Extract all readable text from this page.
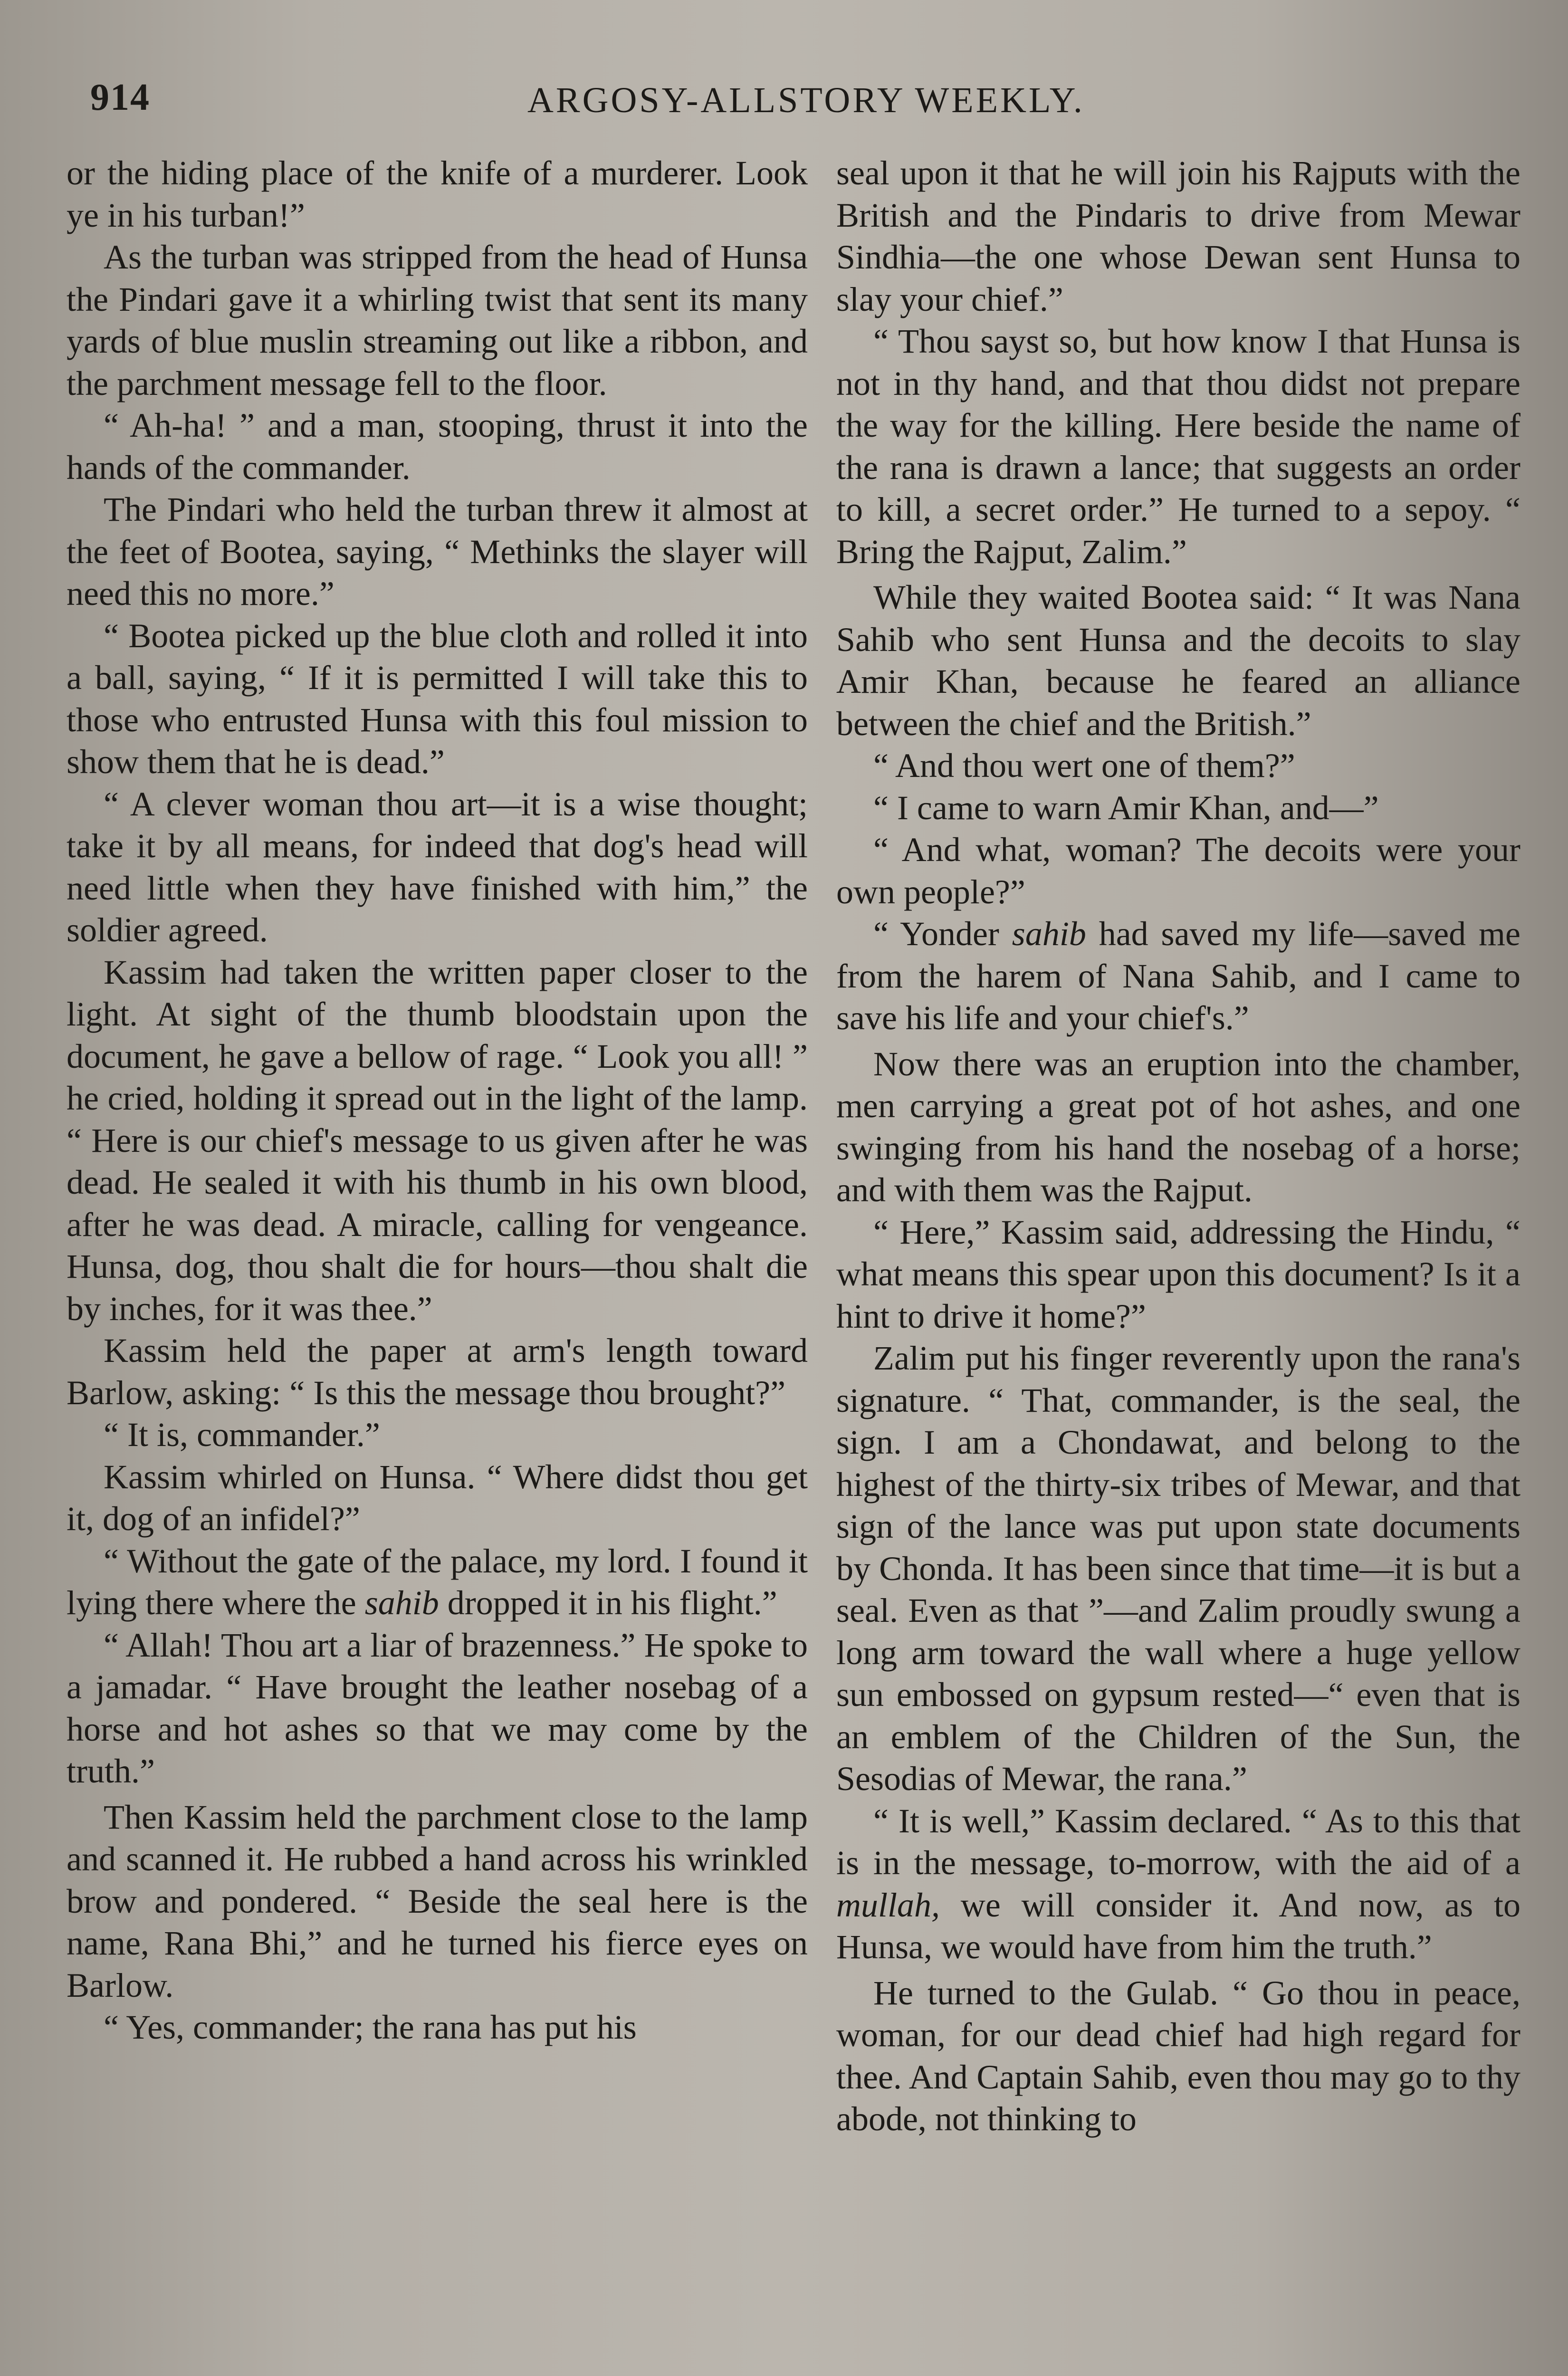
914	ARGOSY-ALLSTORY WEEKLY.

or the hiding place of the knife of a murderer. Look ye in his turban!”

As the turban was stripped from the head of Hunsa the Pindari gave it a whirling twist that sent its many yards of blue muslin streaming out like a ribbon, and the parchment message fell to the floor.

“ Ah-ha! ” and a man, stooping, thrust it into the hands of the commander.

The Pindari who held the turban threw it almost at the feet of Bootea, saying, “ Methinks the slayer will need this no more.”

“ Bootea picked up the blue cloth and rolled it into a ball, saying, “ If it is permitted I will take this to those who entrusted Hunsa with this foul mission to show them that he is dead.”

“ A clever woman thou art—it is a wise thought; take it by all means, for indeed that dog's head will need little when they have finished with him,” the soldier agreed.

Kassim had taken the written paper closer to the light. At sight of the thumb bloodstain upon the document, he gave a bellow of rage. “ Look you all! ” he cried, holding it spread out in the light of the lamp. “ Here is our chief's message to us given after he was dead. He sealed it with his thumb in his own blood, after he was dead. A miracle, calling for vengeance. Hunsa, dog, thou shalt die for hours—thou shalt die by inches, for it was thee.”

Kassim held the paper at arm's length toward Barlow, asking: “ Is this the message thou brought?”

“ It is, commander.”

Kassim whirled on Hunsa. “ Where didst thou get it, dog of an infidel?”

“ Without the gate of the palace, my lord. I found it lying there where the sahib dropped it in his flight.”

“ Allah! Thou art a liar of brazenness.” He spoke to a jamadar. “ Have brought the leather nosebag of a horse and hot ashes so that we may come by the truth.”

Then Kassim held the parchment close to the lamp and scanned it. He rubbed a hand across his wrinkled brow and pondered. “ Beside the seal here is the name, Rana Bhi,” and he turned his fierce eyes on Barlow.

“ Yes, commander; the rana has put his

seal upon it that he will join his Rajputs with the British and the Pindaris to drive from Mewar Sindhia—the one whose Dewan sent Hunsa to slay your chief.”

“ Thou sayst so, but how know I that Hunsa is not in thy hand, and that thou didst not prepare the way for the killing. Here beside the name of the rana is drawn a lance; that suggests an order to kill, a secret order.” He turned to a sepoy. “ Bring the Rajput, Zalim.”

While they waited Bootea said: “ It was Nana Sahib who sent Hunsa and the decoits to slay Amir Khan, because he feared an alliance between the chief and the British.”

“ And thou wert one of them?”

“ I came to warn Amir Khan, and—”

“ And what, woman? The decoits were your own people?”

“ Yonder sahib had saved my life—saved me from the harem of Nana Sahib, and I came to save his life and your chief's.”

Now there was an eruption into the chamber, men carrying a great pot of hot ashes, and one swinging from his hand the nosebag of a horse; and with them was the Rajput.

“ Here,” Kassim said, addressing the Hindu, “ what means this spear upon this document? Is it a hint to drive it home?”

Zalim put his finger reverently upon the rana's signature. “ That, commander, is the seal, the sign. I am a Chondawat, and belong to the highest of the thirty-six tribes of Mewar, and that sign of the lance was put upon state documents by Chonda. It has been since that time—it is but a seal. Even as that ”—and Zalim proudly swung a long arm toward the wall where a huge yellow sun embossed on gypsum rested—“ even that is an emblem of the Children of the Sun, the Sesodias of Mewar, the rana.”

“ It is well,” Kassim declared. “ As to this that is in the message, to-morrow, with the aid of a mullah, we will consider it. And now, as to Hunsa, we would have from him the truth.”

He turned to the Gulab. “ Go thou in peace, woman, for our dead chief had high regard for thee. And Captain Sahib, even thou may go to thy abode, not thinking to
